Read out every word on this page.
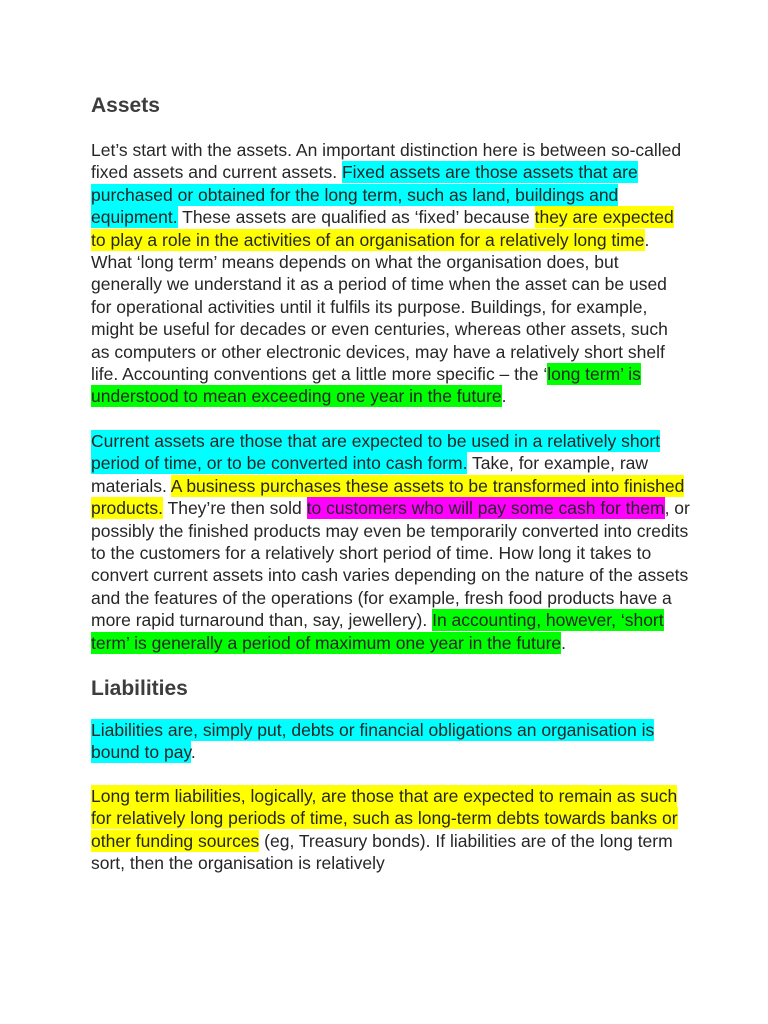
Assets

Let’s start with the assets. An important distinction here is between so-called fixed assets and current assets. Fixed assets are those assets that are purchased or obtained for the long term, such as land, buildings and equipment. These assets are qualified as ‘fixed’ because they are expected to play a role in the activities of an organisation for a relatively long time. What ‘long term’ means depends on what the organisation does, but generally we understand it as a period of time when the asset can be used for operational activities until it fulfils its purpose. Buildings, for example, might be useful for decades or even centuries, whereas other assets, such as computers or other electronic devices, may have a relatively short shelf life. Accounting conventions get a little more specific – the ‘long term’ is understood to mean exceeding one year in the future.

Current assets are those that are expected to be used in a relatively short period of time, or to be converted into cash form. Take, for example, raw materials. A business purchases these assets to be transformed into finished products. They’re then sold to customers who will pay some cash for them, or possibly the finished products may even be temporarily converted into credits to the customers for a relatively short period of time. How long it takes to convert current assets into cash varies depending on the nature of the assets and the features of the operations (for example, fresh food products have a more rapid turnaround than, say, jewellery). In accounting, however, ‘short term’ is generally a period of maximum one year in the future.

Liabilities

Liabilities are, simply put, debts or financial obligations an organisation is bound to pay.

Long term liabilities, logically, are those that are expected to remain as such for relatively long periods of time, such as long-term debts towards banks or other funding sources (eg, Treasury bonds). If liabilities are of the long term sort, then the organisation is relatively
